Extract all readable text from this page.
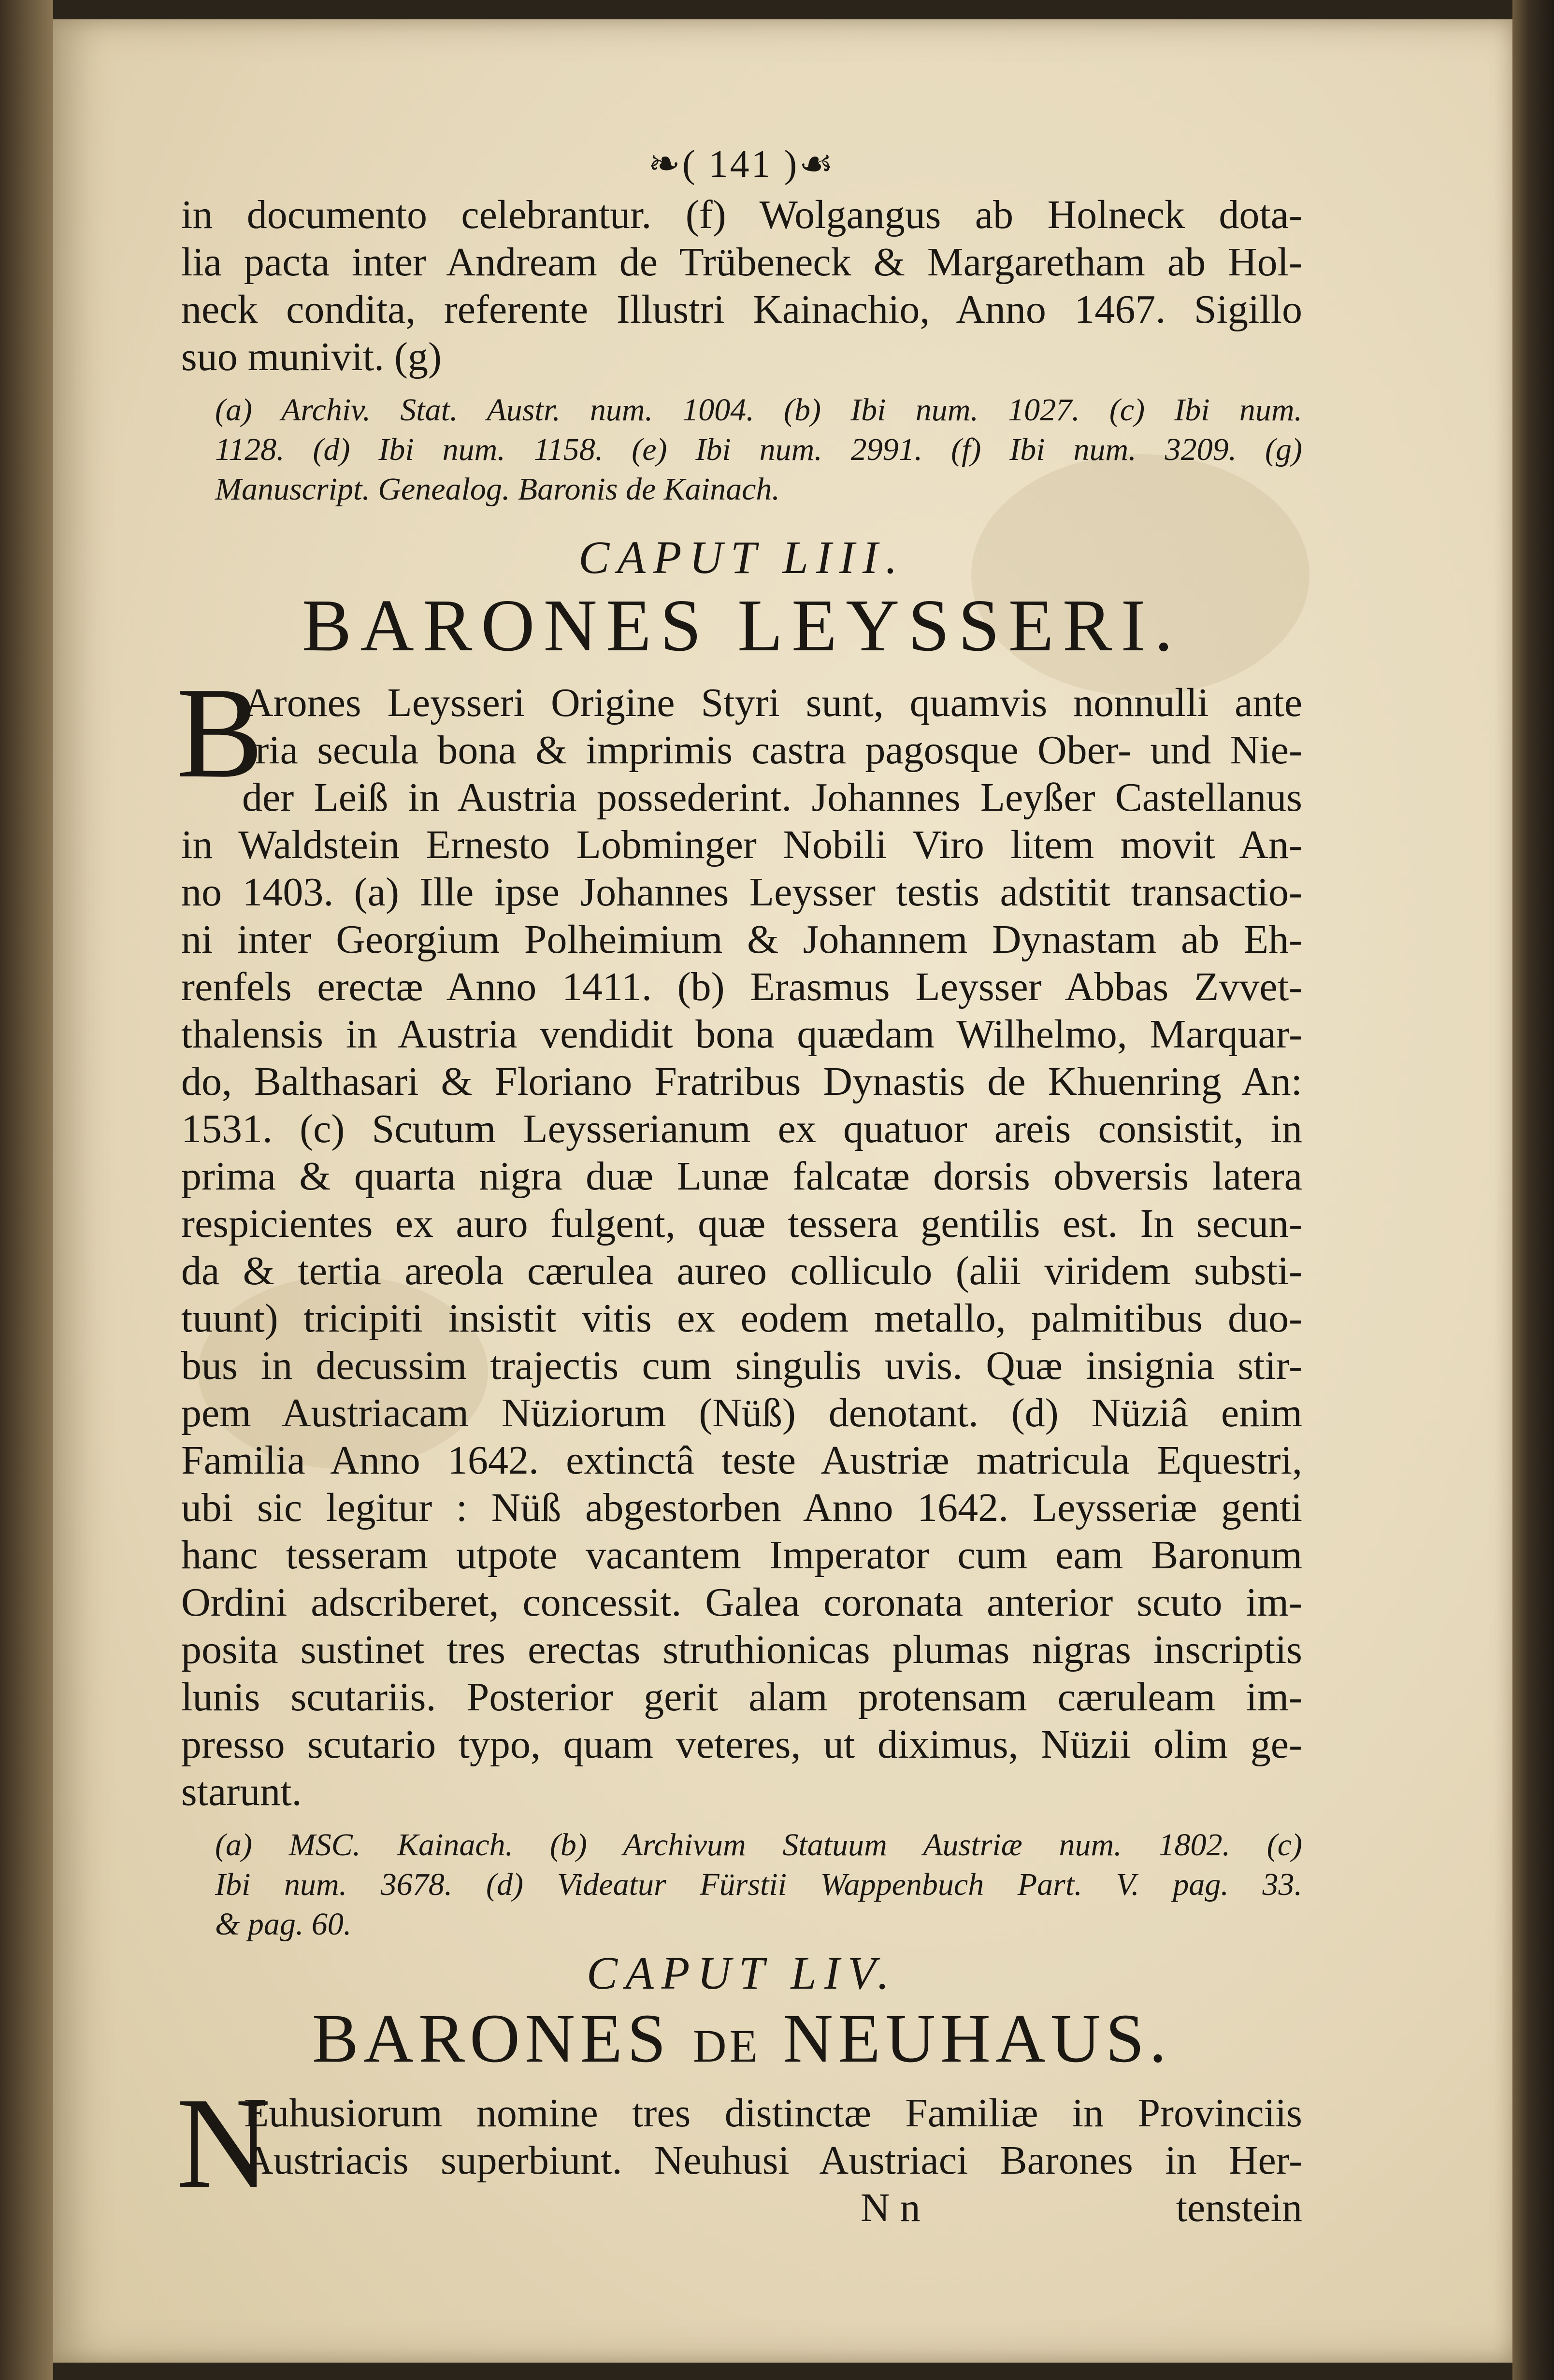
❧( 141 )☙
in documento celebrantur. (f) Wolgangus ab Holneck dota-
lia pacta inter Andream de Trübeneck & Margaretham ab Hol-
neck condita, referente Illustri Kainachio, Anno 1467. Sigillo
suo munivit. (g)
(a) Archiv. Stat. Austr. num. 1004. (b) Ibi num. 1027. (c) Ibi num.
1128. (d) Ibi num. 1158. (e) Ibi num. 2991. (f) Ibi num. 3209. (g)
Manuscript. Genealog. Baronis de Kainach.
CAPUT LIII.
BARONES LEYSSERI.
B
Arones Leysseri Origine Styri sunt, quamvis nonnulli ante
tria secula bona & imprimis castra pagosque Ober- und Nie-
der Leiß in Austria possederint. Johannes Leyßer Castellanus
in Waldstein Ernesto Lobminger Nobili Viro litem movit An-
no 1403. (a) Ille ipse Johannes Leysser testis adstitit transactio-
ni inter Georgium Polheimium & Johannem Dynastam ab Eh-
renfels erectæ Anno 1411. (b) Erasmus Leysser Abbas Zvvet-
thalensis in Austria vendidit bona quædam Wilhelmo, Marquar-
do, Balthasari & Floriano Fratribus Dynastis de Khuenring An:
1531. (c) Scutum Leysserianum ex quatuor areis consistit, in
prima & quarta nigra duæ Lunæ falcatæ dorsis obversis latera
respicientes ex auro fulgent, quæ tessera gentilis est. In secun-
da & tertia areola cærulea aureo colliculo (alii viridem substi-
tuunt) tricipiti insistit vitis ex eodem metallo, palmitibus duo-
bus in decussim trajectis cum singulis uvis. Quæ insignia stir-
pem Austriacam Nüziorum (Nüß) denotant. (d) Nüziâ enim
Familia Anno 1642. extinctâ teste Austriæ matricula Equestri,
ubi sic legitur : Nüß abgestorben Anno 1642. Leysseriæ genti
hanc tesseram utpote vacantem Imperator cum eam Baronum
Ordini adscriberet, concessit. Galea coronata anterior scuto im-
posita sustinet tres erectas struthionicas plumas nigras inscriptis
lunis scutariis. Posterior gerit alam protensam cæruleam im-
presso scutario typo, quam veteres, ut diximus, Nüzii olim ge-
starunt.
(a) MSC. Kainach. (b) Archivum Statuum Austriæ num. 1802. (c)
Ibi num. 3678. (d) Videatur Fürstii Wappenbuch Part. V. pag. 33.
& pag. 60.
CAPUT LIV.
BARONES DE NEUHAUS.
N
Euhusiorum nomine tres distinctæ Familiæ in Provinciis
Austriacis superbiunt. Neuhusi Austriaci Barones in Her-
N n	tenstein
